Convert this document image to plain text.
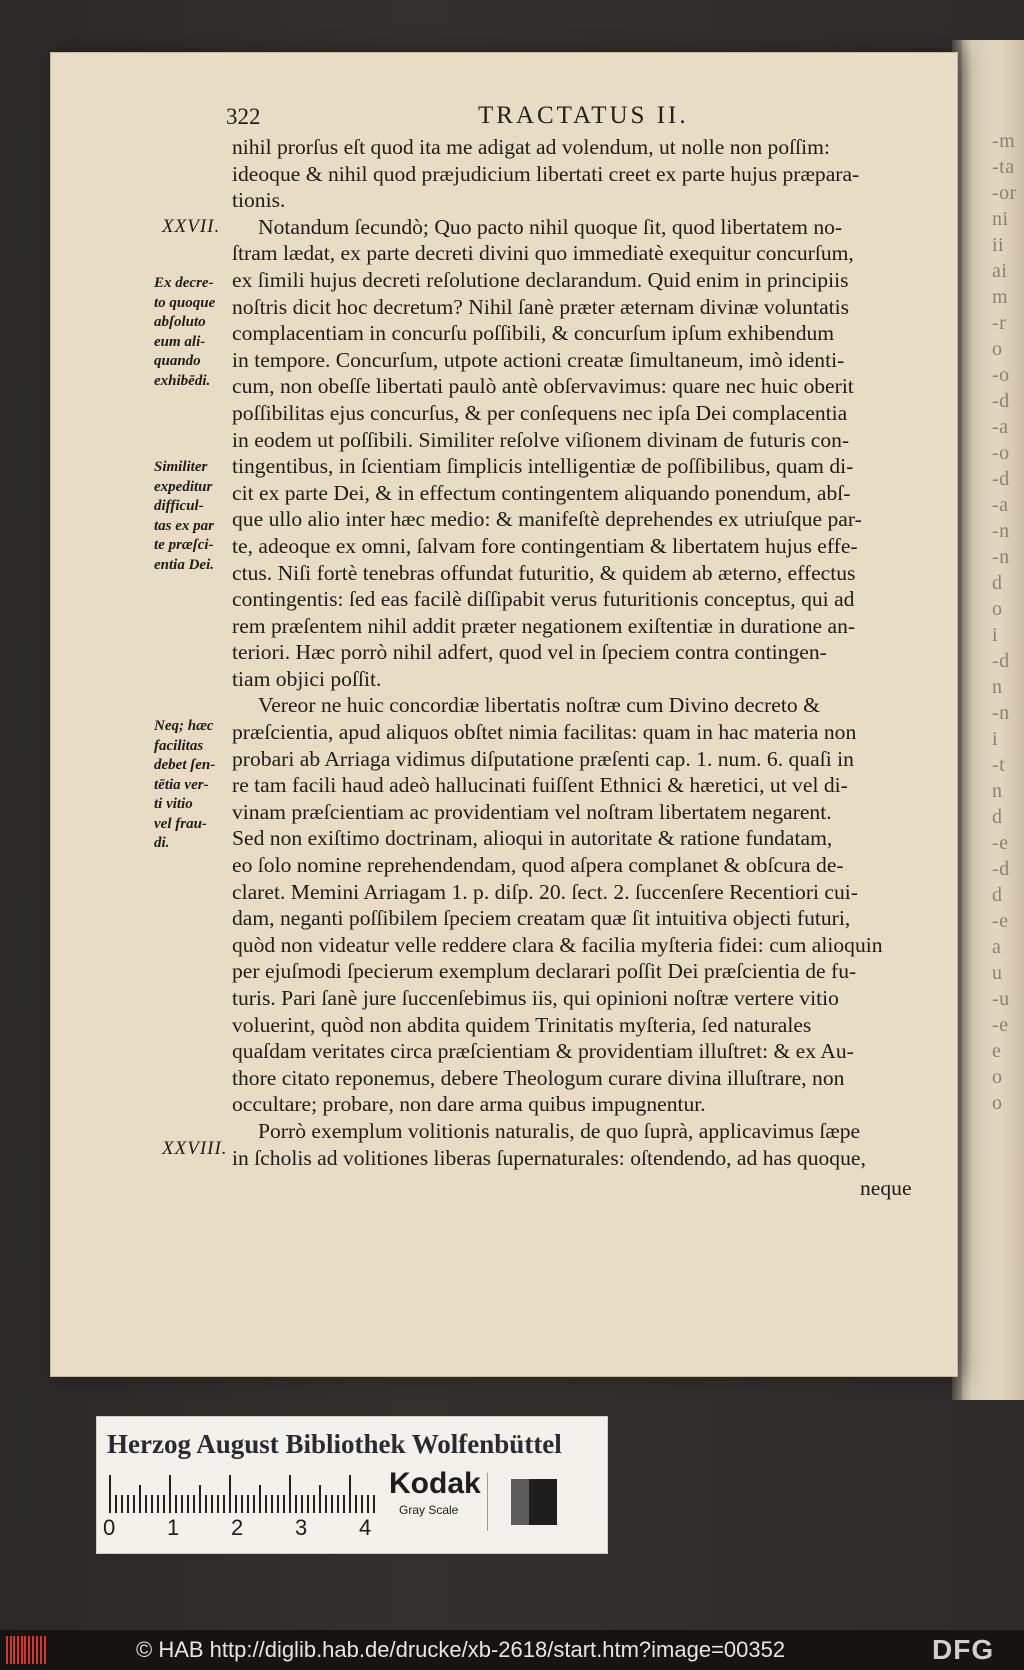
-m
-ta
-or
ni
ii
ai
m
-r
o
-o
-d
-a
-o
-d
-a
-n
-n
d
o
i
-d
n
-n
i
-t
n
d
-e
-d
d
-e
a
u
-u
-e
e
o
o
322	TRACTATUS II.
nihil prorſus eſt quod ita me adigat ad volendum, ut nolle non poſſim:
ideoque & nihil quod præjudicium libertati creet ex parte hujus præpara-
tionis.
Notandum ſecundò; Quo pacto nihil quoque ſit, quod libertatem no-
ſtram lædat, ex parte decreti divini quo immediatè exequitur concurſum,
ex ſimili hujus decreti reſolutione declarandum. Quid enim in principiis
noſtris dicit hoc decretum? Nihil ſanè præter æternam divinæ voluntatis
complacentiam in concurſu poſſibili, & concurſum ipſum exhibendum
in tempore. Concurſum, utpote actioni creatæ ſimultaneum, imò identi-
cum, non obeſſe libertati paulò antè obſervavimus: quare nec huic oberit
poſſibilitas ejus concurſus, & per conſequens nec ipſa Dei complacentia
in eodem ut poſſibili. Similiter reſolve viſionem divinam de futuris con-
tingentibus, in ſcientiam ſimplicis intelligentiæ de poſſibilibus, quam di-
cit ex parte Dei, & in effectum contingentem aliquando ponendum, abſ-
que ullo alio inter hæc medio: & manifeſtè deprehendes ex utriuſque par-
te, adeoque ex omni, ſalvam fore contingentiam & libertatem hujus effe-
ctus. Niſi fortè tenebras offundat futuritio, & quidem ab æterno, effectus
contingentis: ſed eas facilè diſſipabit verus futuritionis conceptus, qui ad
rem præſentem nihil addit præter negationem exiſtentiæ in duratione an-
teriori. Hæc porrò nihil adfert, quod vel in ſpeciem contra contingen-
tiam objici poſſit.
Vereor ne huic concordiæ libertatis noſtræ cum Divino decreto &
præſcientia, apud aliquos obſtet nimia facilitas: quam in hac materia non
probari ab Arriaga vidimus diſputatione præſenti cap. 1. num. 6. quaſi in
re tam facili haud adeò hallucinati fuiſſent Ethnici & hæretici, ut vel di-
vinam præſcientiam ac providentiam vel noſtram libertatem negarent.
Sed non exiſtimo doctrinam, alioqui in autoritate & ratione fundatam,
eo ſolo nomine reprehendendam, quod aſpera complanet & obſcura de-
claret. Memini Arriagam 1. p. diſp. 20. ſect. 2. ſuccenſere Recentiori cui-
dam, neganti poſſibilem ſpeciem creatam quæ ſit intuitiva objecti futuri,
quòd non videatur velle reddere clara & facilia myſteria fidei: cum alioquin
per ejuſmodi ſpecierum exemplum declarari poſſit Dei præſcientia de fu-
turis. Pari ſanè jure ſuccenſebimus iis, qui opinioni noſtræ vertere vitio
voluerint, quòd non abdita quidem Trinitatis myſteria, ſed naturales
quaſdam veritates circa præſcientiam & providentiam illuſtret: & ex Au-
thore citato reponemus, debere Theologum curare divina illuſtrare, non
occultare; probare, non dare arma quibus impugnentur.
Porrò exemplum volitionis naturalis, de quo ſuprà, applicavimus ſæpe
in ſcholis ad volitiones liberas ſupernaturales: oſtendendo, ad has quoque,
XXVII.
XXVIII.
Ex decre-
to quoque
abſoluto
eum ali-
quando
exhibēdi.
Similiter
expeditur
difficul-
tas ex par
te præſci-
entia Dei.
Neq; hæc
facilitas
debet ſen-
tētia ver-
ti vitio
vel frau-
di.
neque
Herzog August Bibliothek Wolfenbüttel
0 1 2 3 4
Kodak
Gray Scale
© HAB http://diglib.hab.de/drucke/xb-2618/start.htm?image=00352	DFG
